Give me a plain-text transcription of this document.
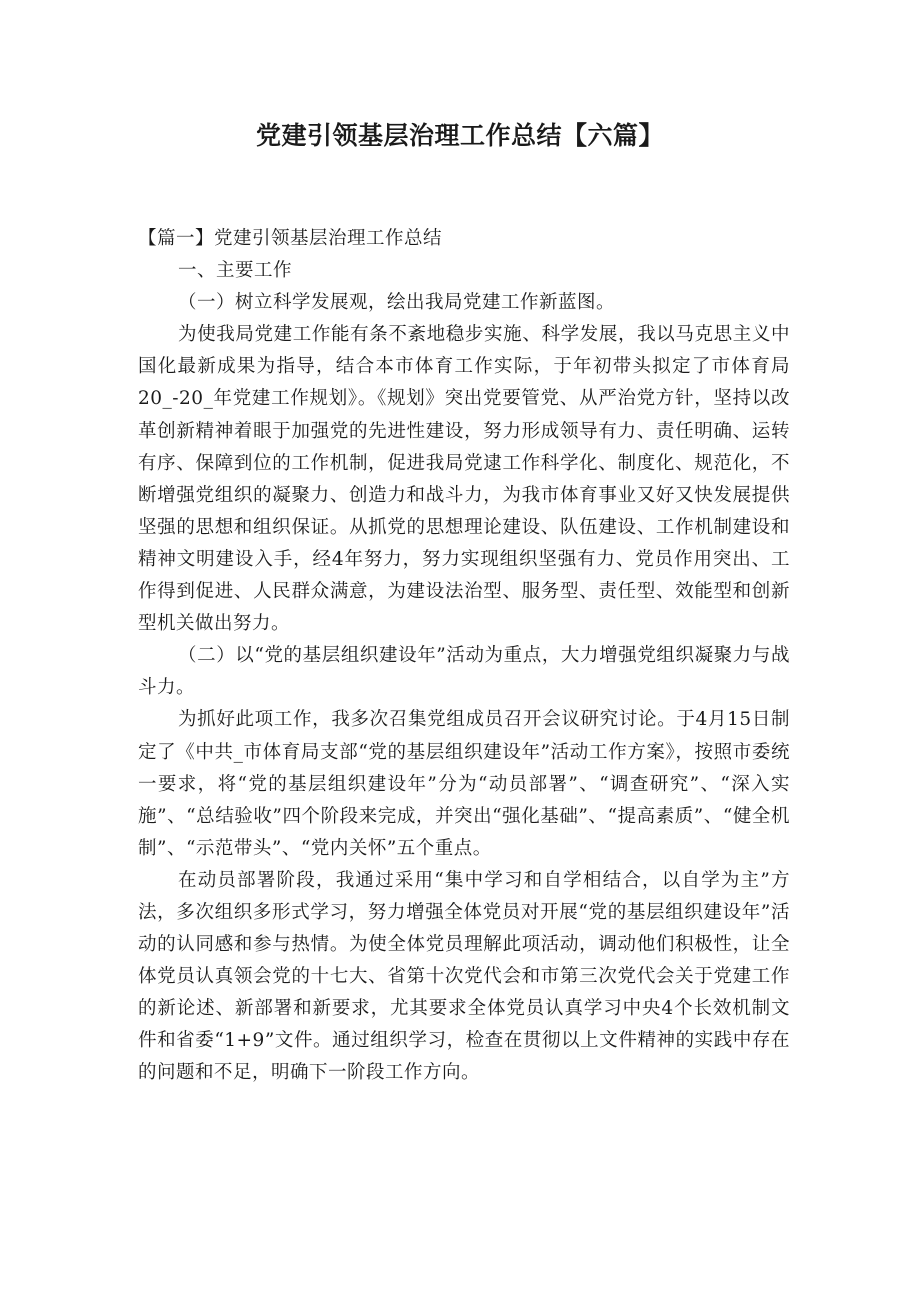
党建引领基层治理工作总结【六篇】

【篇一】党建引领基层治理工作总结

一、主要工作

（一）树立科学发展观，绘出我局党建工作新蓝图。

为使我局党建工作能有条不紊地稳步实施、科学发展，我以马克思主义中国化最新成果为指导，结合本市体育工作实际，于年初带头拟定了市体育局20_-20_年党建工作规划》。《规划》突出党要管党、从严治党方针，坚持以改革创新精神着眼于加强党的先进性建设，努力形成领导有力、责任明确、运转有序、保障到位的工作机制，促进我局党逮工作科学化、制度化、规范化，不断增强党组织的凝聚力、创造力和战斗力，为我市体育事业又好又快发展提供坚强的思想和组织保证。从抓党的思想理论建设、队伍建设、工作机制建设和精神文明建设入手，经4年努力，努力实现组织坚强有力、党员作用突出、工作得到促进、人民群众满意，为建设法治型、服务型、责任型、效能型和创新型机关做出努力。

（二）以“党的基层组织建设年”活动为重点，大力增强党组织凝聚力与战斗力。

为抓好此项工作，我多次召集党组成员召开会议研究讨论。于4月15日制定了《中共_市体育局支部“党的基层组织建设年”活动工作方案》，按照市委统一要求，将“党的基层组织建设年”分为“动员部署”、“调查研究”、“深入实施”、“总结验收”四个阶段来完成，并突出“强化基础”、“提高素质”、“健全机制”、“示范带头”、“党内关怀”五个重点。

在动员部署阶段，我通过采用“集中学习和自学相结合，以自学为主”方法，多次组织多形式学习，努力增强全体党员对开展“党的基层组织建设年”活动的认同感和参与热情。为使全体党员理解此项活动，调动他们积极性，让全体党员认真领会党的十七大、省第十次党代会和市第三次党代会关于党建工作的新论述、新部署和新要求，尤其要求全体党员认真学习中央4个长效机制文件和省委“1+9”文件。通过组织学习，检查在贯彻以上文件精神的实践中存在的问题和不足，明确下一阶段工作方向。
